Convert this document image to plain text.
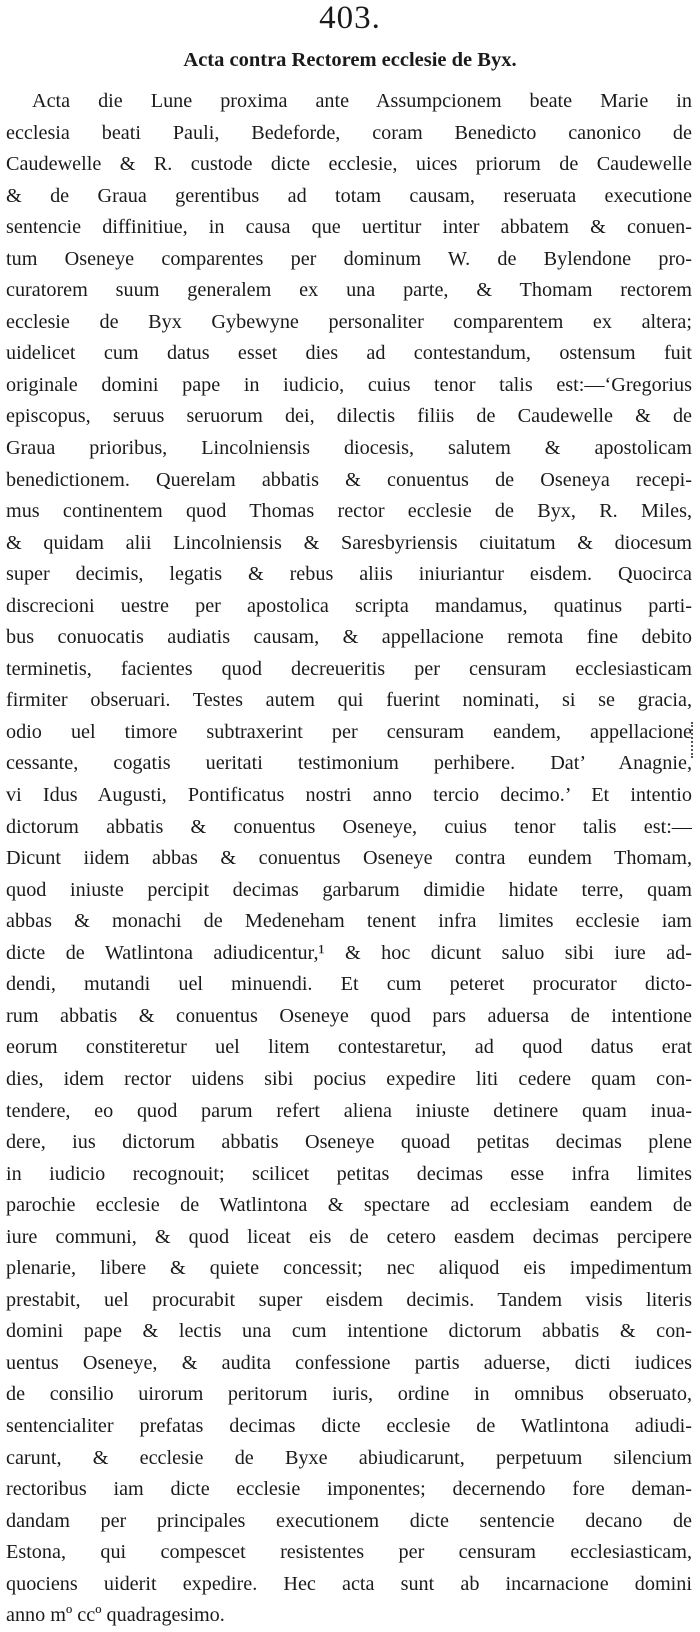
403.
Acta contra Rectorem ecclesie de Byx.
Acta die Lune proxima ante Assumpcionem beate Marie in
ecclesia beati Pauli, Bedeforde, coram Benedicto canonico de
Caudewelle & R. custode dicte ecclesie, uices priorum de Caudewelle
& de Graua gerentibus ad totam causam, reseruata executione
sentencie diffinitiue, in causa que uertitur inter abbatem & conuen-
tum Oseneye comparentes per dominum W. de Bylendone pro-
curatorem suum generalem ex una parte, & Thomam rectorem
ecclesie de Byx Gybewyne personaliter comparentem ex altera;
uidelicet cum datus esset dies ad contestandum, ostensum fuit
originale domini pape in iudicio, cuius tenor talis est:—‘Gregorius
episcopus, seruus seruorum dei, dilectis filiis de Caudewelle & de
Graua prioribus, Lincolniensis diocesis, salutem & apostolicam
benedictionem. Querelam abbatis & conuentus de Oseneya recepi-
mus continentem quod Thomas rector ecclesie de Byx, R. Miles,
& quidam alii Lincolniensis & Saresbyriensis ciuitatum & diocesum
super decimis, legatis & rebus aliis iniuriantur eisdem. Quocirca
discrecioni uestre per apostolica scripta mandamus, quatinus parti-
bus conuocatis audiatis causam, & appellacione remota fine debito
terminetis, facientes quod decreueritis per censuram ecclesiasticam
firmiter obseruari. Testes autem qui fuerint nominati, si se gracia,
odio uel timore subtraxerint per censuram eandem, appellacione
cessante, cogatis ueritati testimonium perhibere. Dat’ Anagnie,
vi Idus Augusti, Pontificatus nostri anno tercio decimo.’ Et intentio
dictorum abbatis & conuentus Oseneye, cuius tenor talis est:—
Dicunt iidem abbas & conuentus Oseneye contra eundem Thomam,
quod iniuste percipit decimas garbarum dimidie hidate terre, quam
abbas & monachi de Medeneham tenent infra limites ecclesie iam
dicte de Watlintona adiudicentur,¹ & hoc dicunt saluo sibi iure ad-
dendi, mutandi uel minuendi. Et cum peteret procurator dicto-
rum abbatis & conuentus Oseneye quod pars aduersa de intentione
eorum constiteretur uel litem contestaretur, ad quod datus erat
dies, idem rector uidens sibi pocius expedire liti cedere quam con-
tendere, eo quod parum refert aliena iniuste detinere quam inua-
dere, ius dictorum abbatis Oseneye quoad petitas decimas plene
in iudicio recognouit; scilicet petitas decimas esse infra limites
parochie ecclesie de Watlintona & spectare ad ecclesiam eandem de
iure communi, & quod liceat eis de cetero easdem decimas percipere
plenarie, libere & quiete concessit; nec aliquod eis impedimentum
prestabit, uel procurabit super eisdem decimis. Tandem visis literis
domini pape & lectis una cum intentione dictorum abbatis & con-
uentus Oseneye, & audita confessione partis aduerse, dicti iudices
de consilio uirorum peritorum iuris, ordine in omnibus obseruato,
sentencialiter prefatas decimas dicte ecclesie de Watlintona adiudi-
carunt, & ecclesie de Byxe abiudicarunt, perpetuum silencium
rectoribus iam dicte ecclesie imponentes; decernendo fore deman-
dandam per principales executionem dicte sentencie decano de
Estona, qui compescet resistentes per censuram ecclesiasticam,
quociens uiderit expedire. Hec acta sunt ab incarnacione domini
anno mº ccº quadragesimo.
